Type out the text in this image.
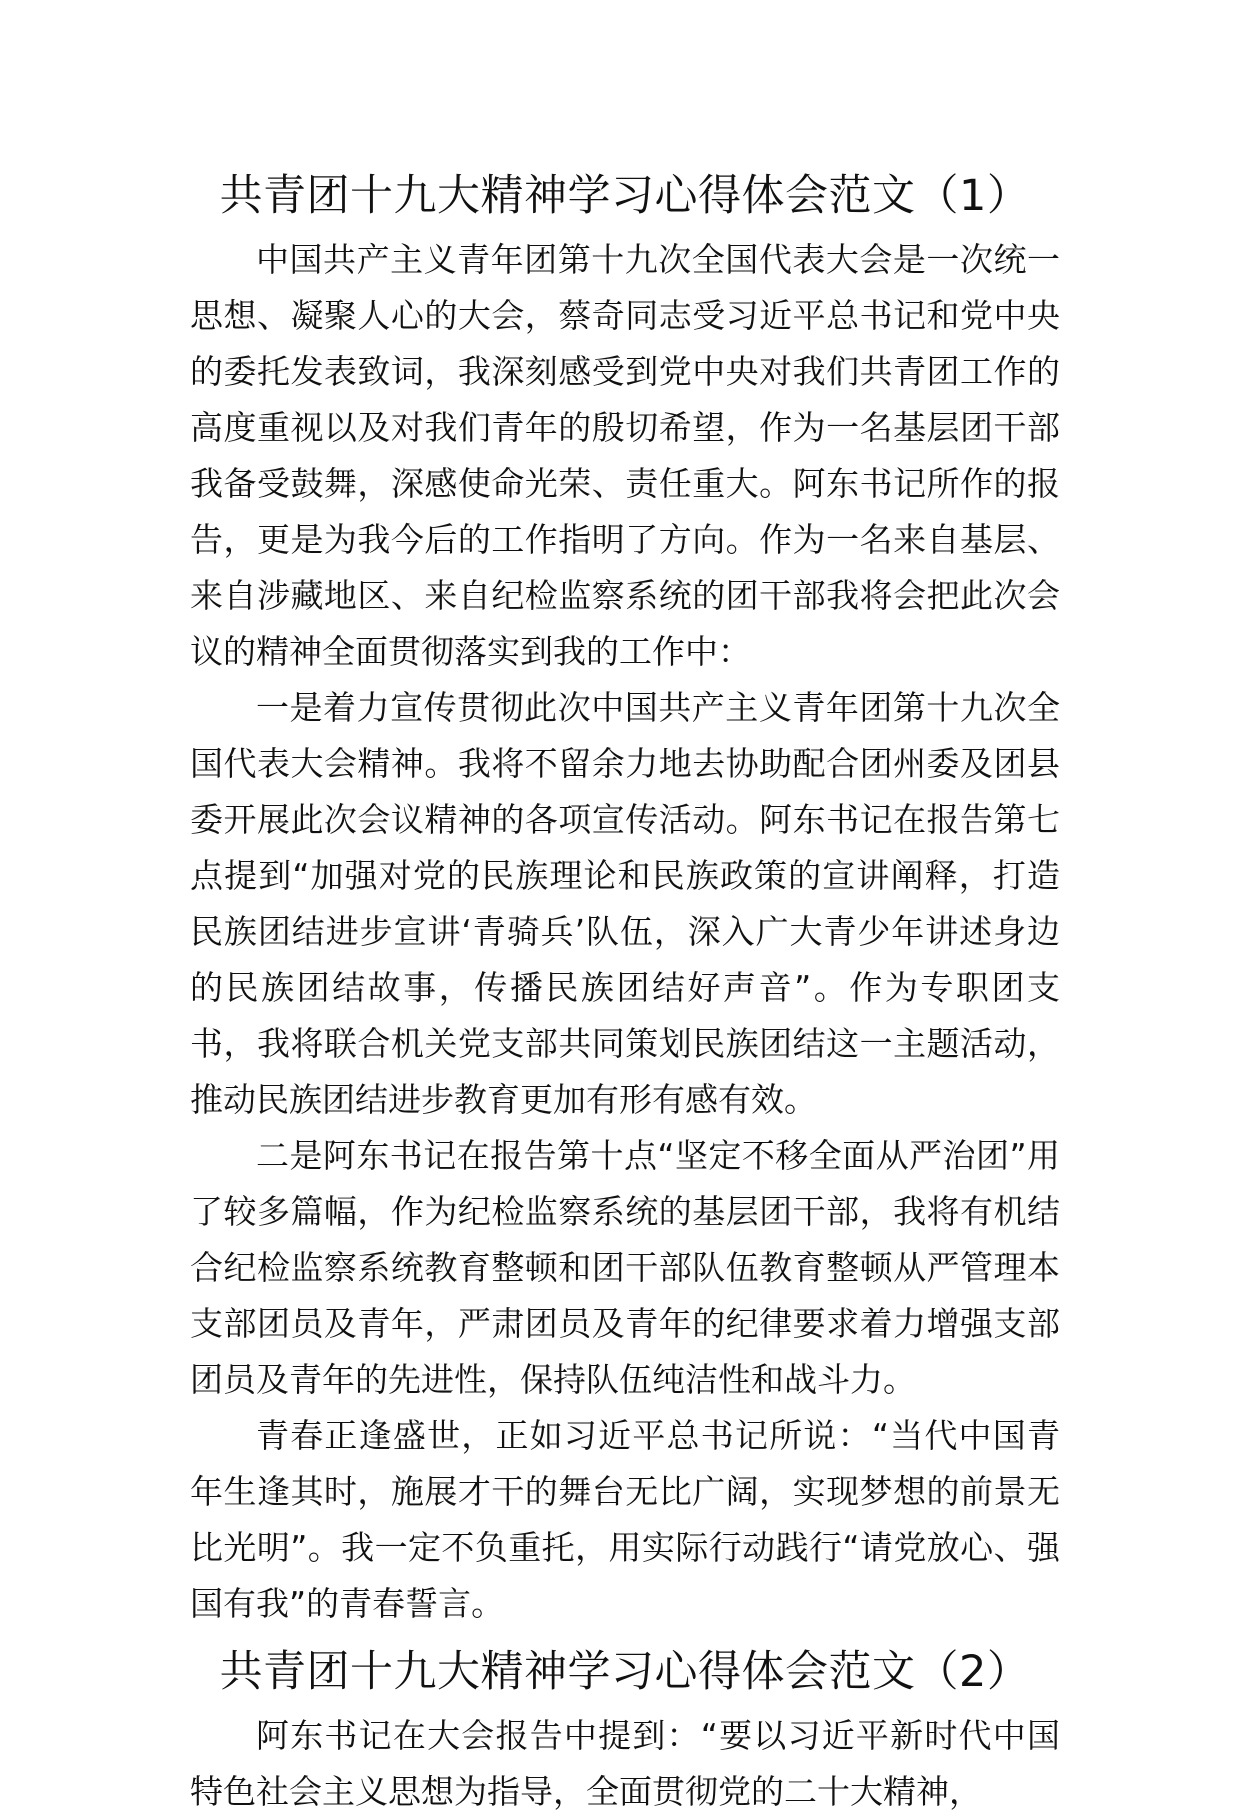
共青团十九大精神学习心得体会范文（1）

中国共产主义青年团第十九次全国代表大会是一次统一思想、凝聚人心的大会，蔡奇同志受习近平总书记和党中央的委托发表致词，我深刻感受到党中央对我们共青团工作的高度重视以及对我们青年的殷切希望，作为一名基层团干部我备受鼓舞，深感使命光荣、责任重大。阿东书记所作的报告，更是为我今后的工作指明了方向。作为一名来自基层、来自涉藏地区、来自纪检监察系统的团干部我将会把此次会议的精神全面贯彻落实到我的工作中：

一是着力宣传贯彻此次中国共产主义青年团第十九次全国代表大会精神。我将不留余力地去协助配合团州委及团县委开展此次会议精神的各项宣传活动。阿东书记在报告第七点提到“加强对党的民族理论和民族政策的宣讲阐释，打造民族团结进步宣讲‘青骑兵’队伍，深入广大青少年讲述身边的民族团结故事，传播民族团结好声音”。作为专职团支书，我将联合机关党支部共同策划民族团结这一主题活动，推动民族团结进步教育更加有形有感有效。

二是阿东书记在报告第十点“坚定不移全面从严治团”用了较多篇幅，作为纪检监察系统的基层团干部，我将有机结合纪检监察系统教育整顿和团干部队伍教育整顿从严管理本支部团员及青年，严肃团员及青年的纪律要求着力增强支部团员及青年的先进性，保持队伍纯洁性和战斗力。

青春正逢盛世，正如习近平总书记所说：“当代中国青年生逢其时，施展才干的舞台无比广阔，实现梦想的前景无比光明”。我一定不负重托，用实际行动践行“请党放心、强国有我”的青春誓言。

共青团十九大精神学习心得体会范文（2）

阿东书记在大会报告中提到：“要以习近平新时代中国特色社会主义思想为指导，全面贯彻党的二十大精神，
